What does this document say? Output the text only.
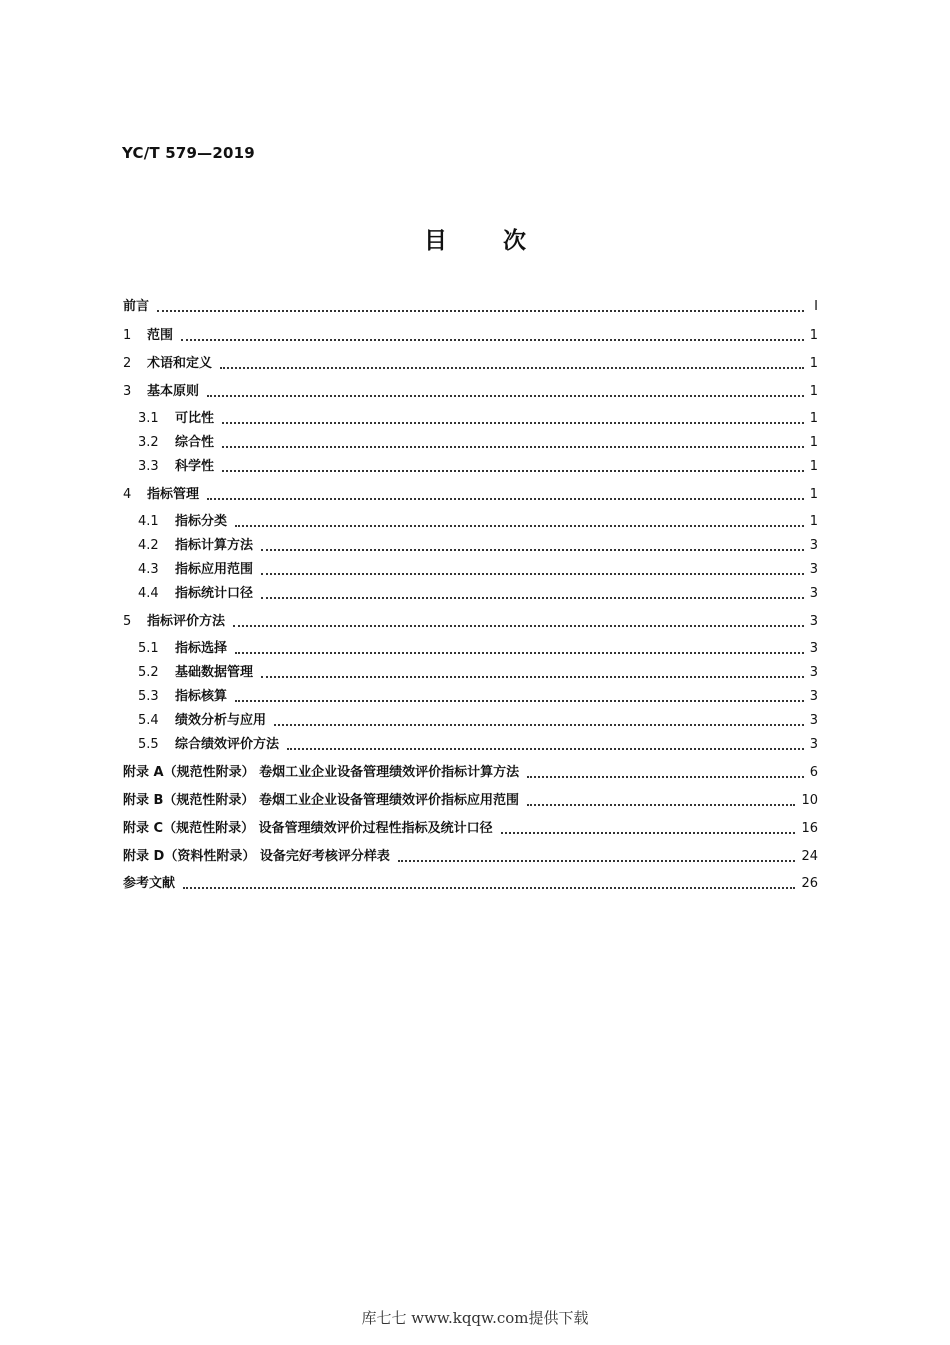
YC/T 579—2019
目 次
前言	I
1	范围	1
2	术语和定义	1
3	基本原则	1
3.1	可比性	1
3.2	综合性	1
3.3	科学性	1
4	指标管理	1
4.1	指标分类	1
4.2	指标计算方法	3
4.3	指标应用范围	3
4.4	指标统计口径	3
5	指标评价方法	3
5.1	指标选择	3
5.2	基础数据管理	3
5.3	指标核算	3
5.4	绩效分析与应用	3
5.5	综合绩效评价方法	3
附录 A（规范性附录） 卷烟工业企业设备管理绩效评价指标计算方法	6
附录 B（规范性附录） 卷烟工业企业设备管理绩效评价指标应用范围	10
附录 C（规范性附录） 设备管理绩效评价过程性指标及统计口径	16
附录 D（资料性附录） 设备完好考核评分样表	24
参考文献	26
库七七 www.kqqw.com提供下载
